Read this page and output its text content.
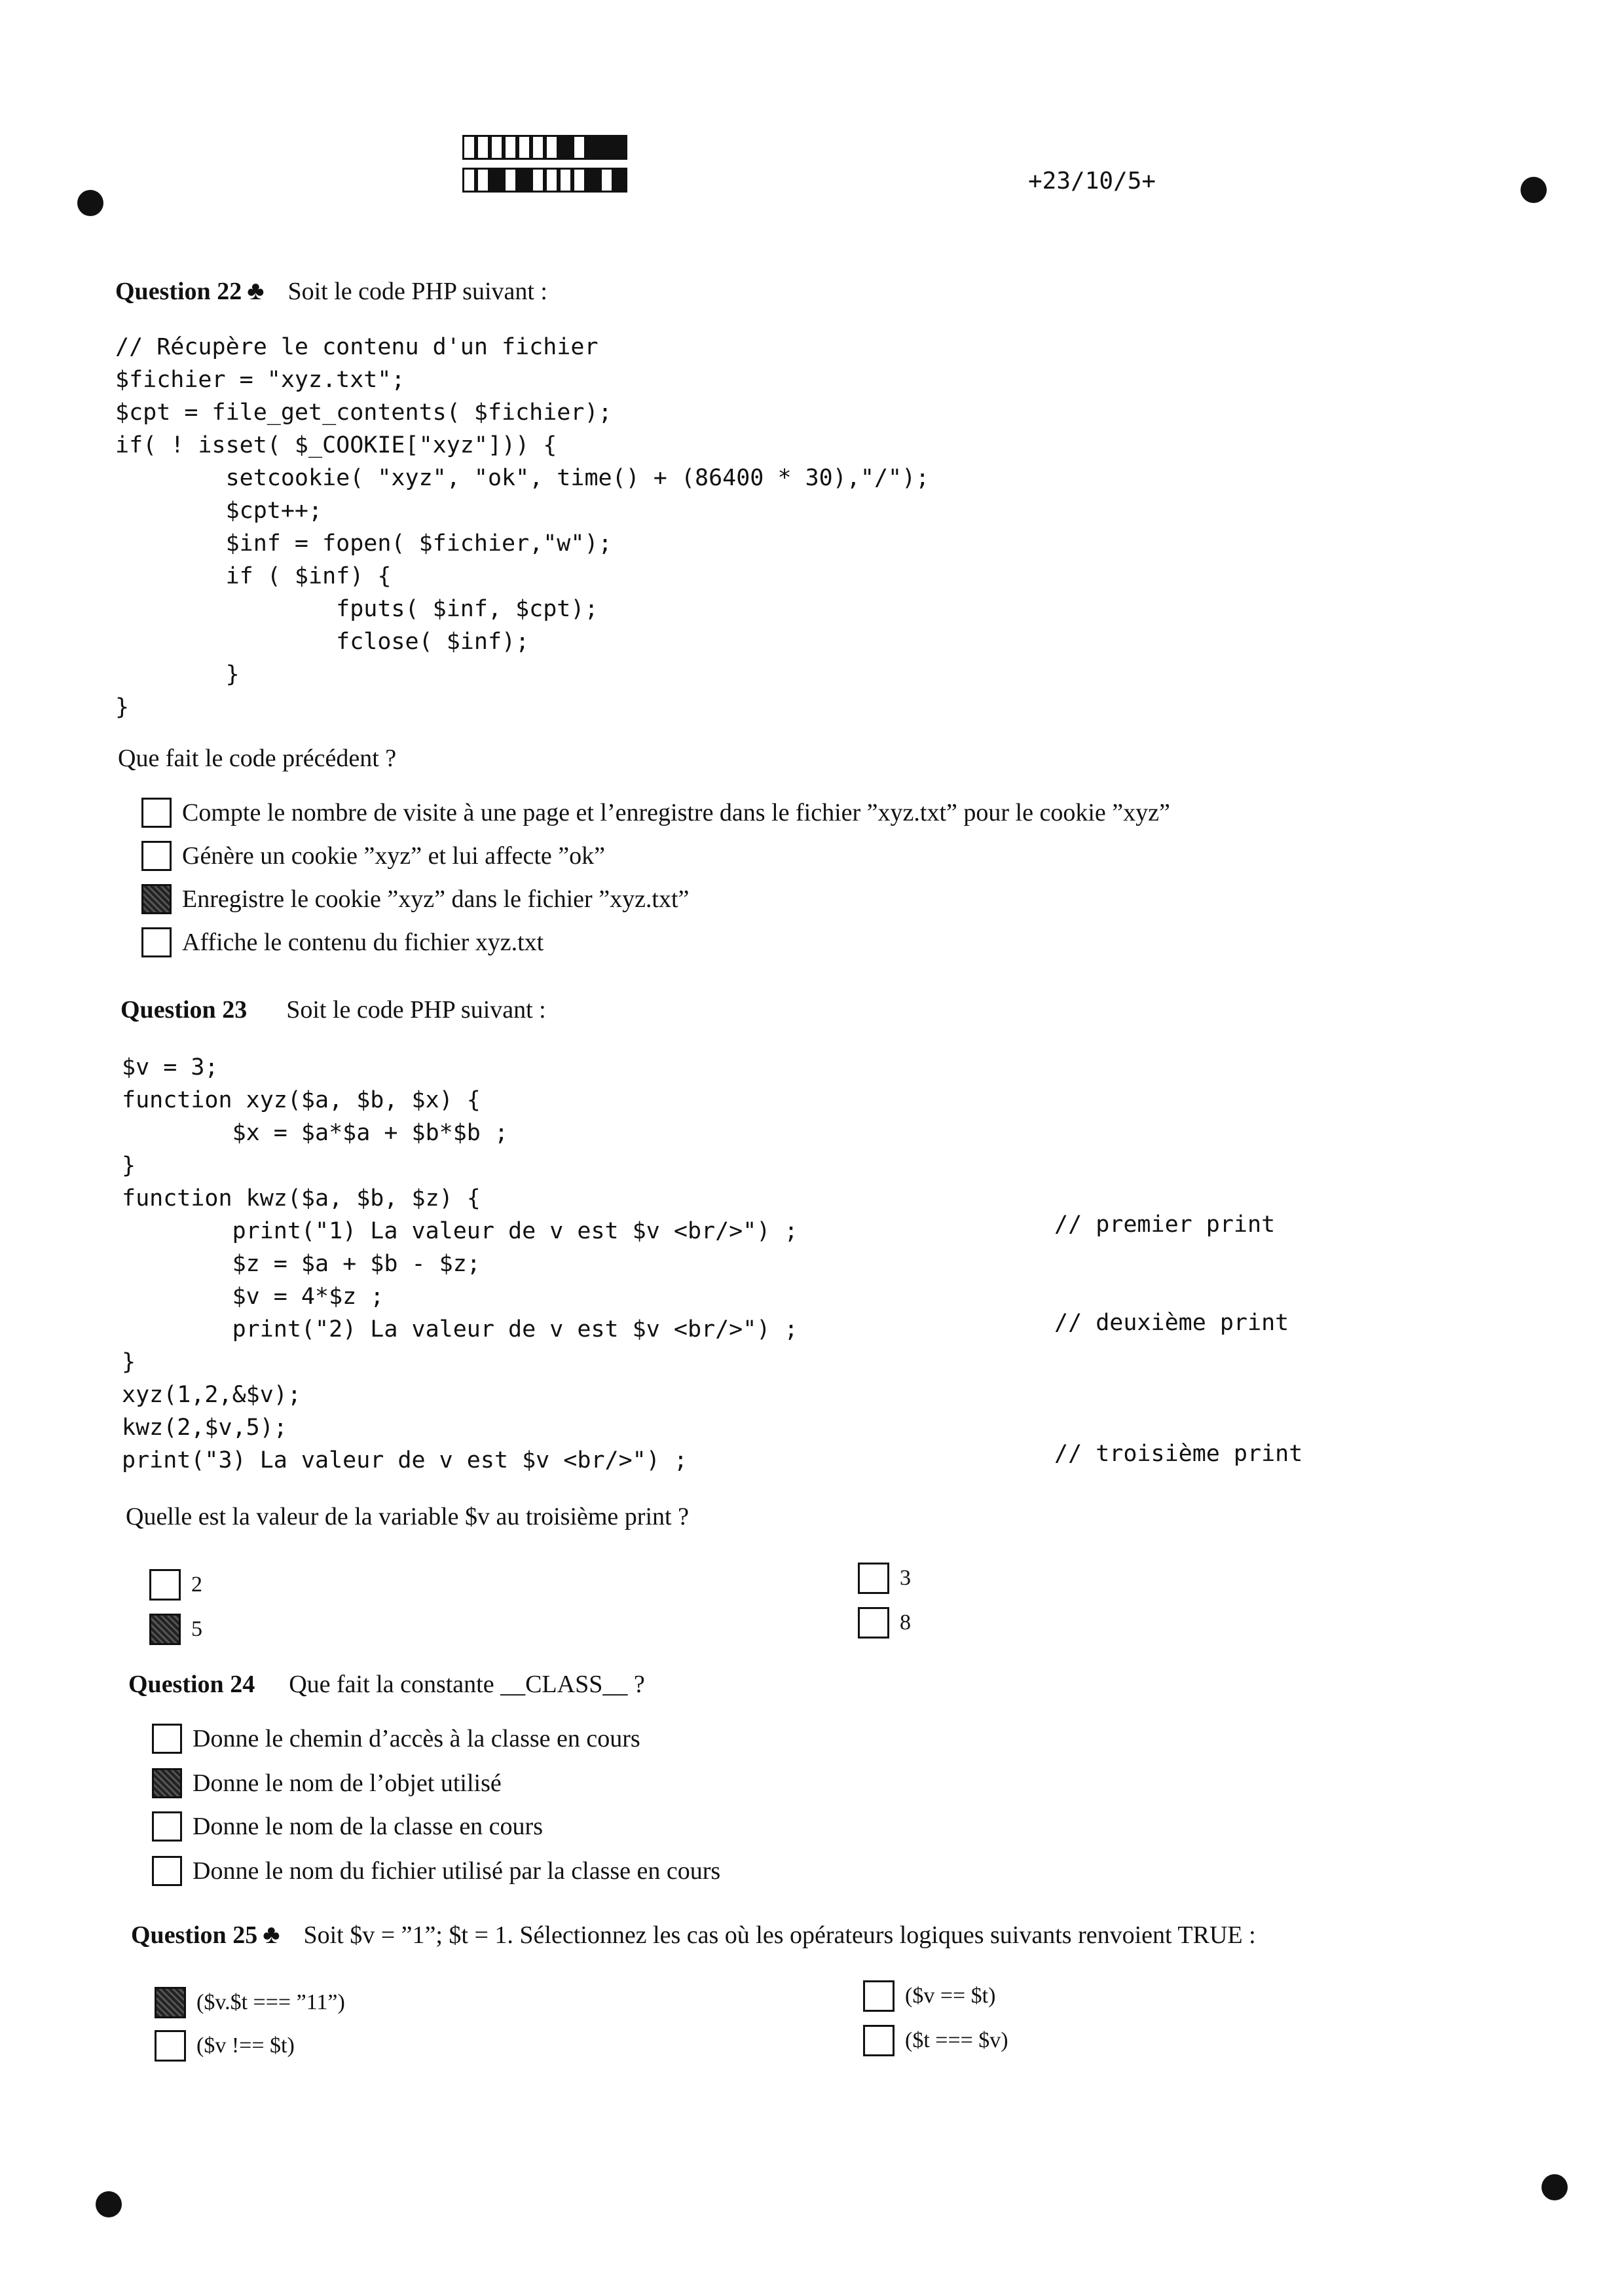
+23/10/5+
Question 22 ♣ Soit le code PHP suivant :
// Récupère le contenu d'un fichier
$fichier = "xyz.txt";
$cpt = file_get_contents( $fichier);
if( ! isset( $_COOKIE["xyz"])) {
setcookie( "xyz", "ok", time() + (86400 * 30),"/");
$cpt++;
$inf = fopen( $fichier,"w");
if ( $inf) {
fputs( $inf, $cpt);
fclose( $inf);
}
}
Que fait le code précédent ?
Compte le nombre de visite à une page et l’enregistre dans le fichier ”xyz.txt” pour le cookie ”xyz”
Génère un cookie ”xyz” et lui affecte ”ok”
Enregistre le cookie ”xyz” dans le fichier ”xyz.txt”
Affiche le contenu du fichier xyz.txt
Question 23 Soit le code PHP suivant :
$v = 3;
function xyz($a, $b, $x) {
$x = $a*$a + $b*$b ;
}
function kwz($a, $b, $z) {
print("1) La valeur de v est $v <br/>") ;
$z = $a + $b - $z;
$v = 4*$z ;
print("2) La valeur de v est $v <br/>") ;
}
xyz(1,2,&$v);
kwz(2,$v,5);
print("3) La valeur de v est $v <br/>") ;
// premier print
// deuxième print
// troisième print
Quelle est la valeur de la variable $v au troisième print ?
2
5
3
8
Question 24 Que fait la constante __CLASS__ ?
Donne le chemin d’accès à la classe en cours
Donne le nom de l’objet utilisé
Donne le nom de la classe en cours
Donne le nom du fichier utilisé par la classe en cours
Question 25 ♣ Soit $v = ”1”; $t = 1. Sélectionnez les cas où les opérateurs logiques suivants renvoient TRUE :
($v.$t === ”11”)
($v !== $t)
($v == $t)
($t === $v)
